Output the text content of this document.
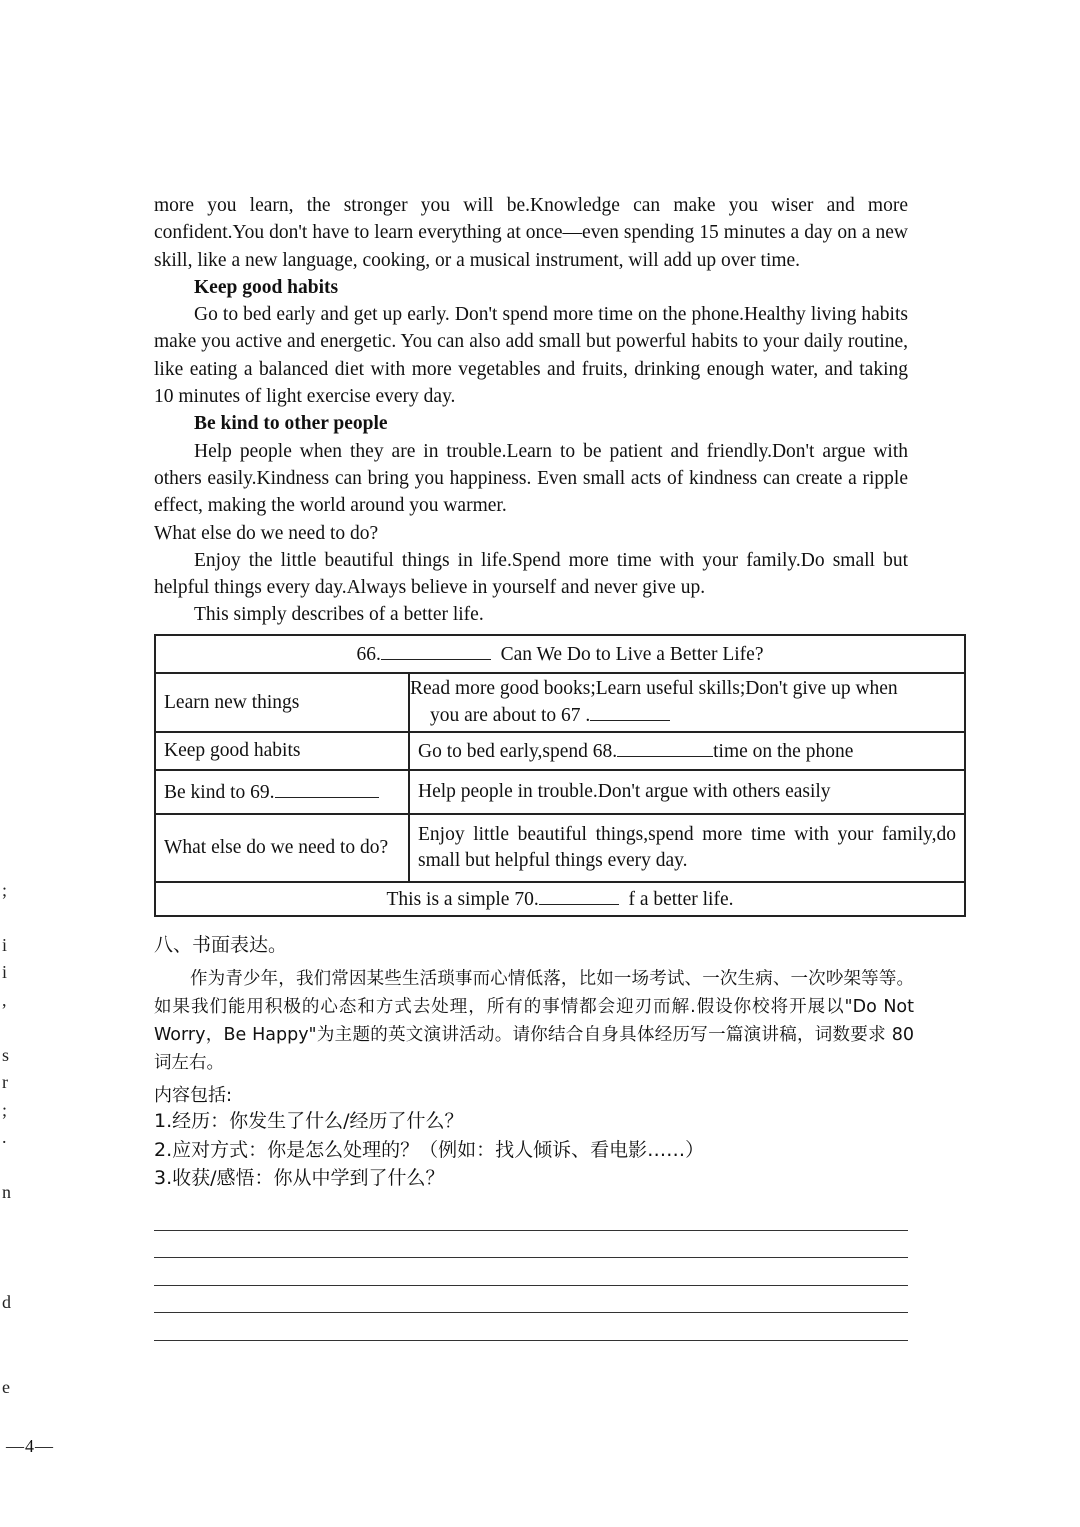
more you learn, the stronger you will be.Knowledge can make you wiser and more confident.You don't have to learn everything at once—even spending 15 minutes a day on a new skill, like a new language, cooking, or a musical instrument, will add up over time.

Keep good habits

Go to bed early and get up early. Don't spend more time on the phone.Healthy living habits make you active and energetic. You can also add small but powerful habits to your daily routine, like eating a balanced diet with more vegetables and fruits, drinking enough water, and taking 10 minutes of light exercise every day.

Be kind to other people

Help people when they are in trouble.Learn to be patient and friendly.Don't argue with others easily.Kindness can bring you happiness. Even small acts of kindness can create a ripple effect, making the world around you warmer.

What else do we need to do?

Enjoy the little beautiful things in life.Spend more time with your family.Do small but helpful things every day.Always believe in yourself and never give up.

This simply describes of a better life.

66. Can We Do to Live a Better Life?	
Learn new things	Read more good books;Learn useful skills;Don't give up when
you are about to 67 .

Keep good habits	Go to bed early,spend 68. time on the phone
Be kind to 69.	Help people in trouble.Don't argue with others easily
What else do we need to do?	Enjoy little beautiful things,spend more time with your family,do small but helpful things every day.
This is a simple 70. f a better life.	

八、书面表达。

作为青少年，我们常因某些生活琐事而心情低落，比如一场考试、一次生病、一次吵架等等。如果我们能用积极的心态和方式去处理，所有的事情都会迎刃而解.假设你校将开展以"Do Not Worry，Be Happy"为主题的英文演讲活动。请你结合自身具体经历写一篇演讲稿，词数要求 80 词左右。

内容包括:

1.经历：你发生了什么/经历了什么？

2.应对方式：你是怎么处理的？（例如：找人倾诉、看电影……）

3.收获/感悟：你从中学到了什么？

;
i
i
,
s
r
;
.
n
d
e
—4—
